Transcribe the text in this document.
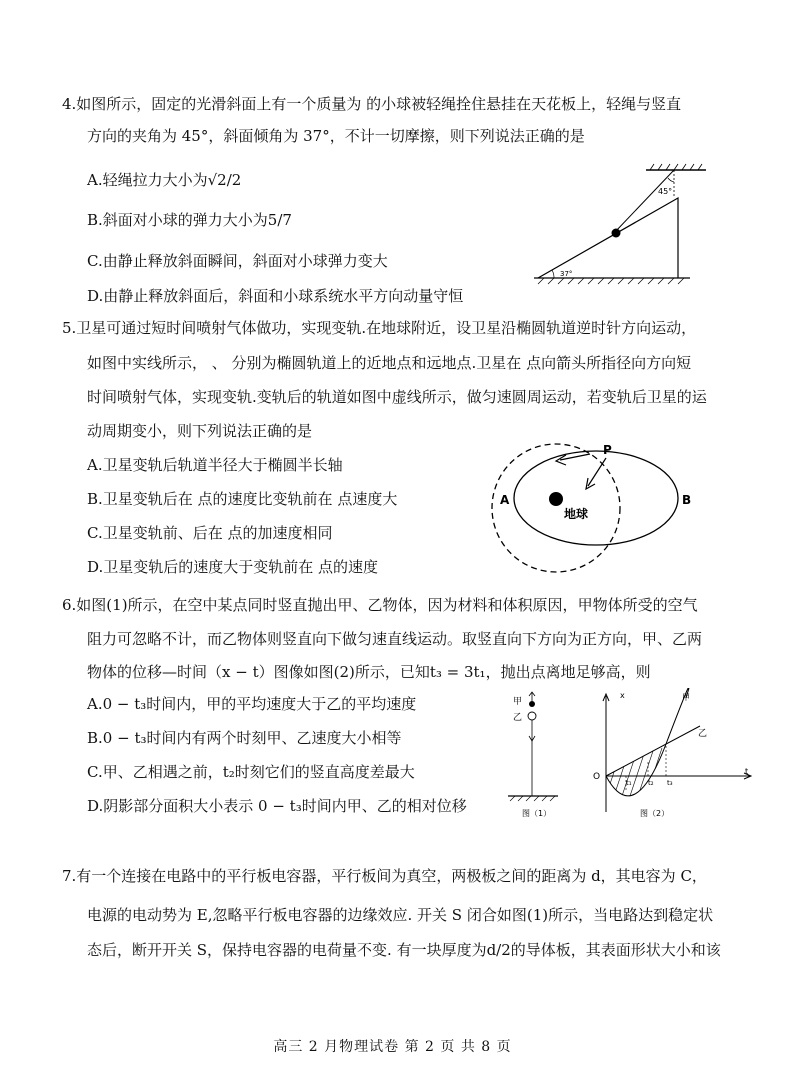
4.如图所示，固定的光滑斜面上有一个质量为 的小球被轻绳拴住悬挂在天花板上，轻绳与竖直
方向的夹角为 45°，斜面倾角为 37°，不计一切摩擦，则下列说法正确的是
A.轻绳拉力大小为√2/2
B.斜面对小球的弹力大小为5/7
C.由静止释放斜面瞬间，斜面对小球弹力变大
D.由静止释放斜面后，斜面和小球系统水平方向动量守恒
45°
37°
5.卫星可通过短时间喷射气体做功，实现变轨.在地球附近，设卫星沿椭圆轨道逆时针方向运动，
如图中实线所示， 、 分别为椭圆轨道上的近地点和远地点.卫星在 点向箭头所指径向方向短
时间喷射气体，实现变轨.变轨后的轨道如图中虚线所示，做匀速圆周运动，若变轨后卫星的运
动周期变小，则下列说法正确的是
A.卫星变轨后轨道半径大于椭圆半长轴
B.卫星变轨后在 点的速度比变轨前在 点速度大
C.卫星变轨前、后在 点的加速度相同
D.卫星变轨后的速度大于变轨前在 点的速度
地球
P
A	B
6.如图(1)所示，在空中某点同时竖直抛出甲、乙物体，因为材料和体积原因，甲物体所受的空气
阻力可忽略不计，而乙物体则竖直向下做匀速直线运动。取竖直向下方向为正方向，甲、乙两
物体的位移—时间（x − t）图像如图(2)所示，已知t₃ = 3t₁，抛出点离地足够高，则
A.0 − t₃时间内，甲的平均速度大于乙的平均速度
B.0 − t₃时间内有两个时刻甲、乙速度大小相等
C.甲、乙相遇之前，t₂时刻它们的竖直高度差最大
D.阴影部分面积大小表示 0 − t₃时间内甲、乙的相对位移
甲
乙
图（1）
x
t
O
甲
乙
t₁ t₂ t₃
图（2）
7.有一个连接在电路中的平行板电容器，平行板间为真空，两极板之间的距离为 d，其电容为 C，
电源的电动势为 E,忽略平行板电容器的边缘效应. 开关 S 闭合如图(1)所示，当电路达到稳定状
态后，断开开关 S，保持电容器的电荷量不变. 有一块厚度为d/2的导体板，其表面形状大小和该
高三 2 月物理试卷 第 2 页 共 8 页
